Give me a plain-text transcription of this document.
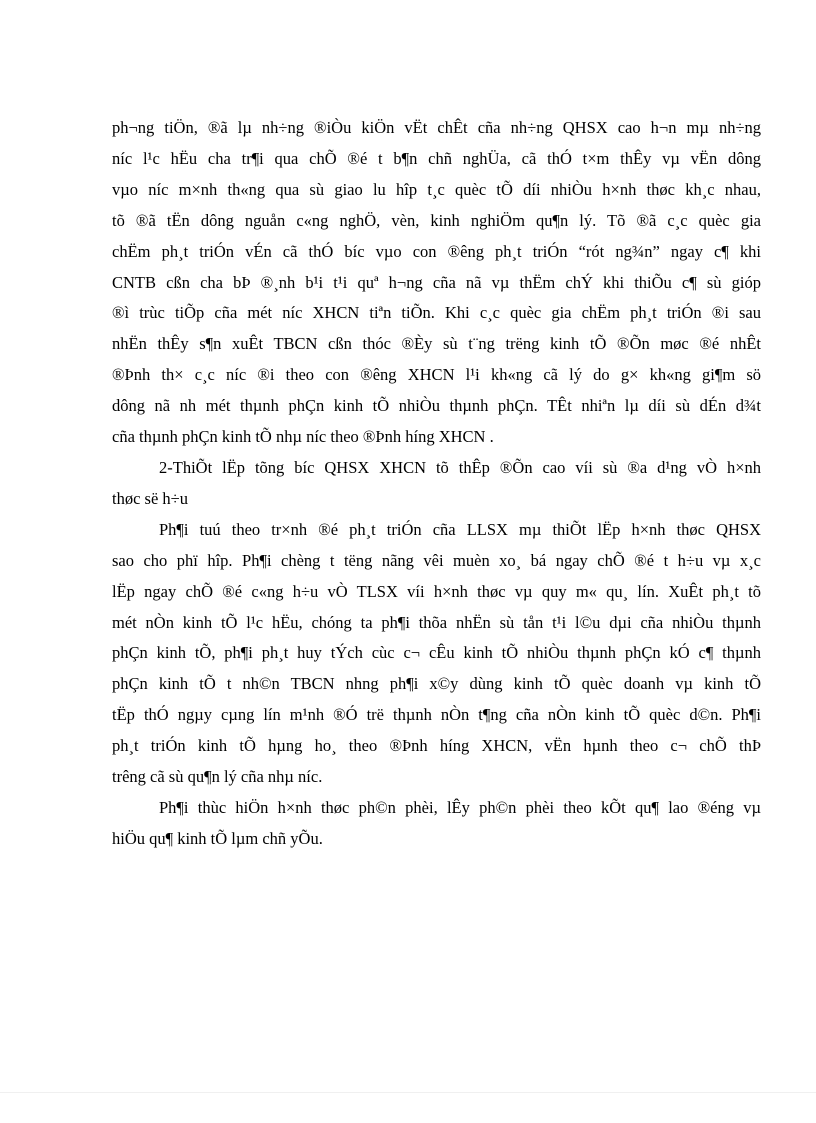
ph¬ng tiÖn, ®ã lµ nh÷ng ®iÒu kiÖn vËt chÊt cña nh÷ng QHSX cao h¬n mµ nh÷ng
níc l¹c hËu cha tr¶i qua chÕ ®é t b¶n chñ nghÜa, cã thÓ t×m thÊy vµ vËn dông
vµo níc m×nh th«ng qua sù giao lu hîp t¸c quèc tÕ díi nhiÒu h×nh thøc kh¸c nhau,
tõ ®ã tËn dông nguån c«ng nghÖ, vèn, kinh nghiÖm qu¶n lý. Tõ ®ã c¸c quèc gia
chËm ph¸t triÓn vÉn cã thÓ bíc vµo con ®êng ph¸t triÓn “rót ng¾n” ngay c¶ khi
CNTB cßn cha bÞ ®¸nh b¹i t¹i quª h¬ng cña nã vµ thËm chÝ khi thiÕu c¶ sù gióp
®ì trùc tiÕp cña mét níc XHCN tiªn tiÕn. Khi c¸c quèc gia chËm ph¸t triÓn ®i sau
nhËn thÊy s¶n xuÊt TBCN cßn thóc ®Èy sù t¨ng trëng kinh tÕ ®Õn møc ®é nhÊt
®Þnh th× c¸c níc ®i theo con ®êng XHCN l¹i kh«ng cã lý do g× kh«ng gi¶m sö
dông nã nh mét thµnh phÇn kinh tÕ nhiÒu thµnh phÇn. TÊt nhiªn lµ díi sù dÉn d¾t
cña thµnh phÇn kinh tÕ nhµ níc theo ®Þnh híng XHCN .

2-ThiÕt lËp tõng bíc QHSX XHCN tõ thÊp ®Õn cao víi sù ®a d¹ng vÒ h×nh
thøc së h÷u

Ph¶i tuú theo tr×nh ®é ph¸t triÓn cña LLSX mµ thiÕt lËp h×nh thøc QHSX
sao cho phï hîp. Ph¶i chèng t tëng nãng vêi muèn xo¸ bá ngay chÕ ®é t h÷u vµ x¸c
lËp ngay chÕ ®é c«ng h÷u vÒ TLSX víi h×nh thøc vµ quy m« qu¸ lín. XuÊt ph¸t tõ
mét nÒn kinh tÕ l¹c hËu, chóng ta ph¶i thõa nhËn sù tån t¹i l©u dµi cña nhiÒu thµnh
phÇn kinh tÕ, ph¶i ph¸t huy tÝch cùc c¬ cÊu kinh tÕ nhiÒu thµnh phÇn kÓ c¶ thµnh
phÇn kinh tÕ t nh©n TBCN nhng ph¶i x©y dùng kinh tÕ quèc doanh vµ kinh tÕ
tËp thÓ ngµy cµng lín m¹nh ®Ó trë thµnh nÒn t¶ng cña nÒn kinh tÕ quèc d©n. Ph¶i
ph¸t triÓn kinh tÕ hµng ho¸ theo ®Þnh híng XHCN, vËn hµnh theo c¬ chÕ thÞ
trêng cã sù qu¶n lý cña nhµ níc.

Ph¶i thùc hiÖn h×nh thøc ph©n phèi, lÊy ph©n phèi theo kÕt qu¶ lao ®éng vµ
hiÖu qu¶ kinh tÕ lµm chñ yÕu.
